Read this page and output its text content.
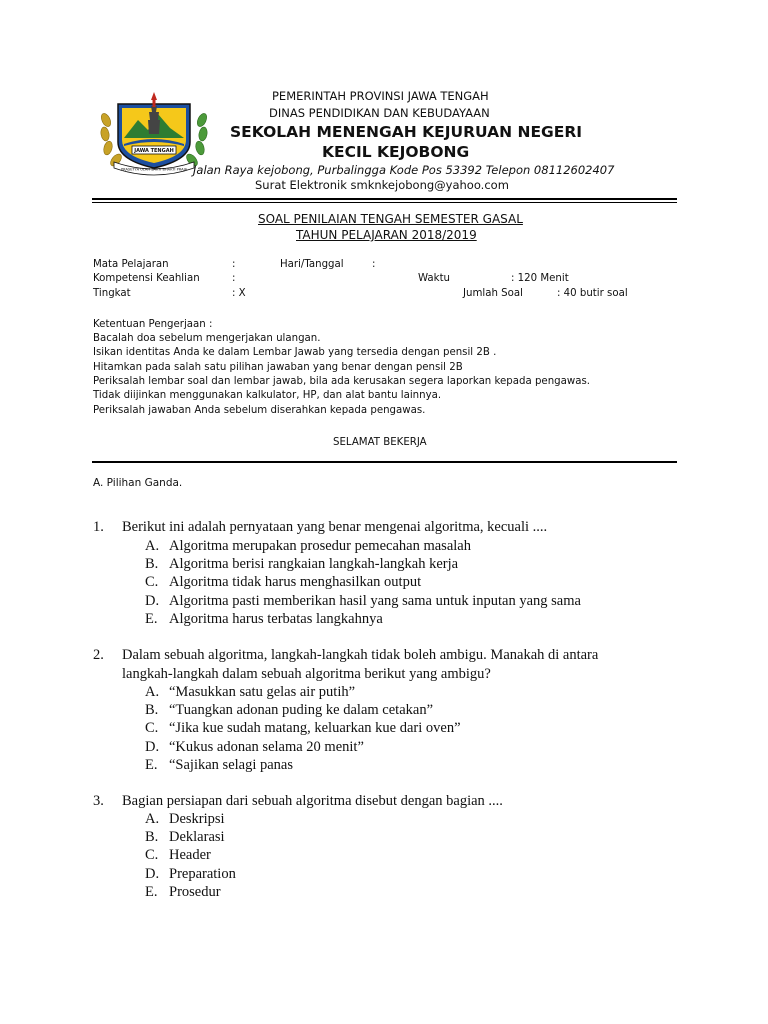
JAWA TENGAH
PRASETYA ULAH SAKTI BHAKTI PRAJA
PEMERINTAH PROVINSI JAWA TENGAH
DINAS PENDIDIKAN DAN KEBUDAYAAN
SEKOLAH MENENGAH KEJURUAN NEGERI
KECIL KEJOBONG
Jalan Raya kejobong, Purbalingga Kode Pos 53392 Telepon 08112602407
Surat Elektronik smknkejobong@yahoo.com
SOAL PENILAIAN TENGAH SEMESTER GASAL
TAHUN PELAJARAN 2018/2019
Mata Pelajaran	:	Hari/Tanggal	:
Kompetensi Keahlian	:	Waktu	: 120 Menit
Tingkat	: X	Jumlah Soal	: 40 butir soal
Ketentuan Pengerjaan :
Bacalah doa sebelum mengerjakan ulangan.
Isikan identitas Anda ke dalam Lembar Jawab yang tersedia dengan pensil 2B .
Hitamkan pada salah satu pilihan jawaban yang benar dengan pensil 2B
Periksalah lembar soal dan lembar jawab, bila ada kerusakan segera laporkan kepada pengawas.
Tidak diijinkan menggunakan kalkulator, HP, dan alat bantu lainnya.
Periksalah jawaban Anda sebelum diserahkan kepada pengawas.
SELAMAT BEKERJA
A. Pilihan Ganda.
1. Berikut ini adalah pernyataan yang benar mengenai algoritma, kecuali ....
A. Algoritma merupakan prosedur pemecahan masalah
B. Algoritma berisi rangkaian langkah-langkah kerja
C. Algoritma tidak harus menghasilkan output
D. Algoritma pasti memberikan hasil yang sama untuk inputan yang sama
E. Algoritma harus terbatas langkahnya
2. Dalam sebuah algoritma, langkah-langkah tidak boleh ambigu. Manakah di antara
langkah-langkah dalam sebuah algoritma berikut yang ambigu?
A. “Masukkan satu gelas air putih”
B. “Tuangkan adonan puding ke dalam cetakan”
C. “Jika kue sudah matang, keluarkan kue dari oven”
D. “Kukus adonan selama 20 menit”
E. “Sajikan selagi panas
3. Bagian persiapan dari sebuah algoritma disebut dengan bagian ....
A. Deskripsi
B. Deklarasi
C. Header
D. Preparation
E. Prosedur
